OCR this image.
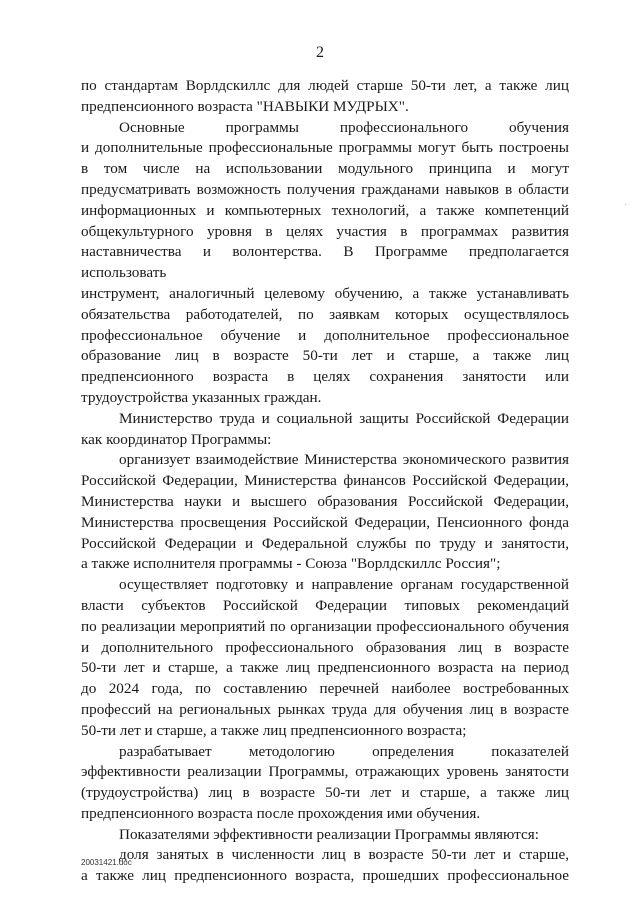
2
по стандартам Ворлдскиллс для людей старше 50-ти лет, а также лиц
предпенсионного возраста "НАВЫКИ МУДРЫХ".
Основные программы профессионального обучения
и дополнительные профессиональные программы могут быть построены
в том числе на использовании модульного принципа и могут
предусматривать возможность получения гражданами навыков в области
информационных и компьютерных технологий, а также компетенций
общекультурного уровня в целях участия в программах развития
наставничества и волонтерства. В Программе предполагается использовать
инструмент, аналогичный целевому обучению, а также устанавливать
обязательства работодателей, по заявкам которых осуществлялось
профессиональное обучение и дополнительное профессиональное
образование лиц в возрасте 50-ти лет и старше, а также лиц
предпенсионного возраста в целях сохранения занятости или
трудоустройства указанных граждан.
Министерство труда и социальной защиты Российской Федерации
как координатор Программы:
организует взаимодействие Министерства экономического развития
Российской Федерации, Министерства финансов Российской Федерации,
Министерства науки и высшего образования Российской Федерации,
Министерства просвещения Российской Федерации, Пенсионного фонда
Российской Федерации и Федеральной службы по труду и занятости,
а также исполнителя программы - Союза "Ворлдскиллс Россия";
осуществляет подготовку и направление органам государственной
власти субъектов Российской Федерации типовых рекомендаций
по реализации мероприятий по организации профессионального обучения
и дополнительного профессионального образования лиц в возрасте
50-ти лет и старше, а также лиц предпенсионного возраста на период
до 2024 года, по составлению перечней наиболее востребованных
профессий на региональных рынках труда для обучения лиц в возрасте
50-ти лет и старше, а также лиц предпенсионного возраста;
разрабатывает методологию определения показателей
эффективности реализации Программы, отражающих уровень занятости
(трудоустройства) лиц в возрасте 50-ти лет и старше, а также лиц
предпенсионного возраста после прохождения ими обучения.
Показателями эффективности реализации Программы являются:
доля занятых в численности лиц в возрасте 50-ти лет и старше,
а также лиц предпенсионного возраста, прошедших профессиональное
·
20031421.doc
